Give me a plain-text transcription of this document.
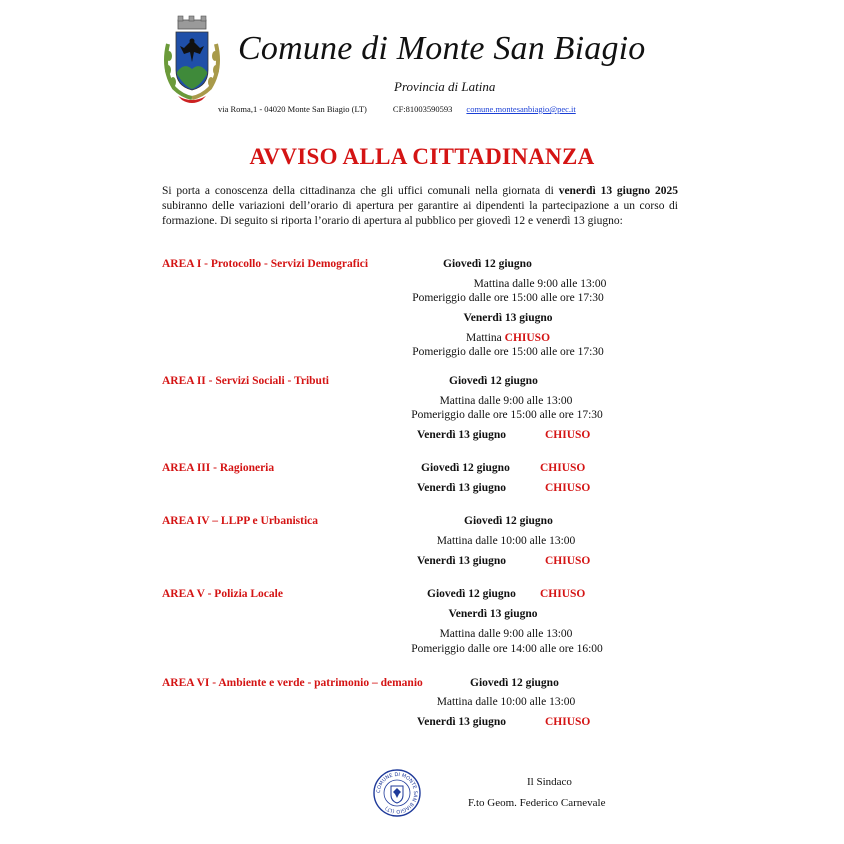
Comune di Monte San Biagio
Provincia di Latina
via Roma,1 - 04020 Monte San Biagio (LT)	CF:81003590593 comune.montesanbiagio@pec.it
AVVISO ALLA CITTADINANZA
Si porta a conoscenza della cittadinanza che gli uffici comunali nella giornata di venerdì 13 giugno 2025 subiranno delle variazioni dell’orario di apertura per garantire ai dipendenti la partecipazione a un corso di formazione. Di seguito si riporta l’orario di apertura al pubblico per giovedì 12 e venerdì 13 giugno:
AREA I - Protocollo - Servizi Demografici	Giovedì 12 giugno
Mattina dalle 9:00 alle 13:00
Pomeriggio dalle ore 15:00 alle ore 17:30
Venerdì 13 giugno
Mattina CHIUSO
Pomeriggio dalle ore 15:00 alle ore 17:30
AREA II - Servizi Sociali - Tributi	Giovedì 12 giugno
Mattina dalle 9:00 alle 13:00
Pomeriggio dalle ore 15:00 alle ore 17:30
Venerdì 13 giugno	CHIUSO
AREA III - Ragioneria	Giovedì 12 giugno	CHIUSO
Venerdì 13 giugno	CHIUSO
AREA IV – LLPP e Urbanistica	Giovedì 12 giugno
Mattina dalle 10:00 alle 13:00
Venerdì 13 giugno	CHIUSO
AREA V - Polizia Locale	Giovedì 12 giugno CHIUSO
Venerdì 13 giugno
Mattina dalle 9:00 alle 13:00
Pomeriggio dalle ore 14:00 alle ore 16:00
AREA VI - Ambiente e verde - patrimonio – demanio	Giovedì 12 giugno
Mattina dalle 10:00 alle 13:00
Venerdì 13 giugno	CHIUSO
COMUNE DI MONTE SAN BIAGIO (LT)
Il Sindaco
F.to Geom. Federico Carnevale
